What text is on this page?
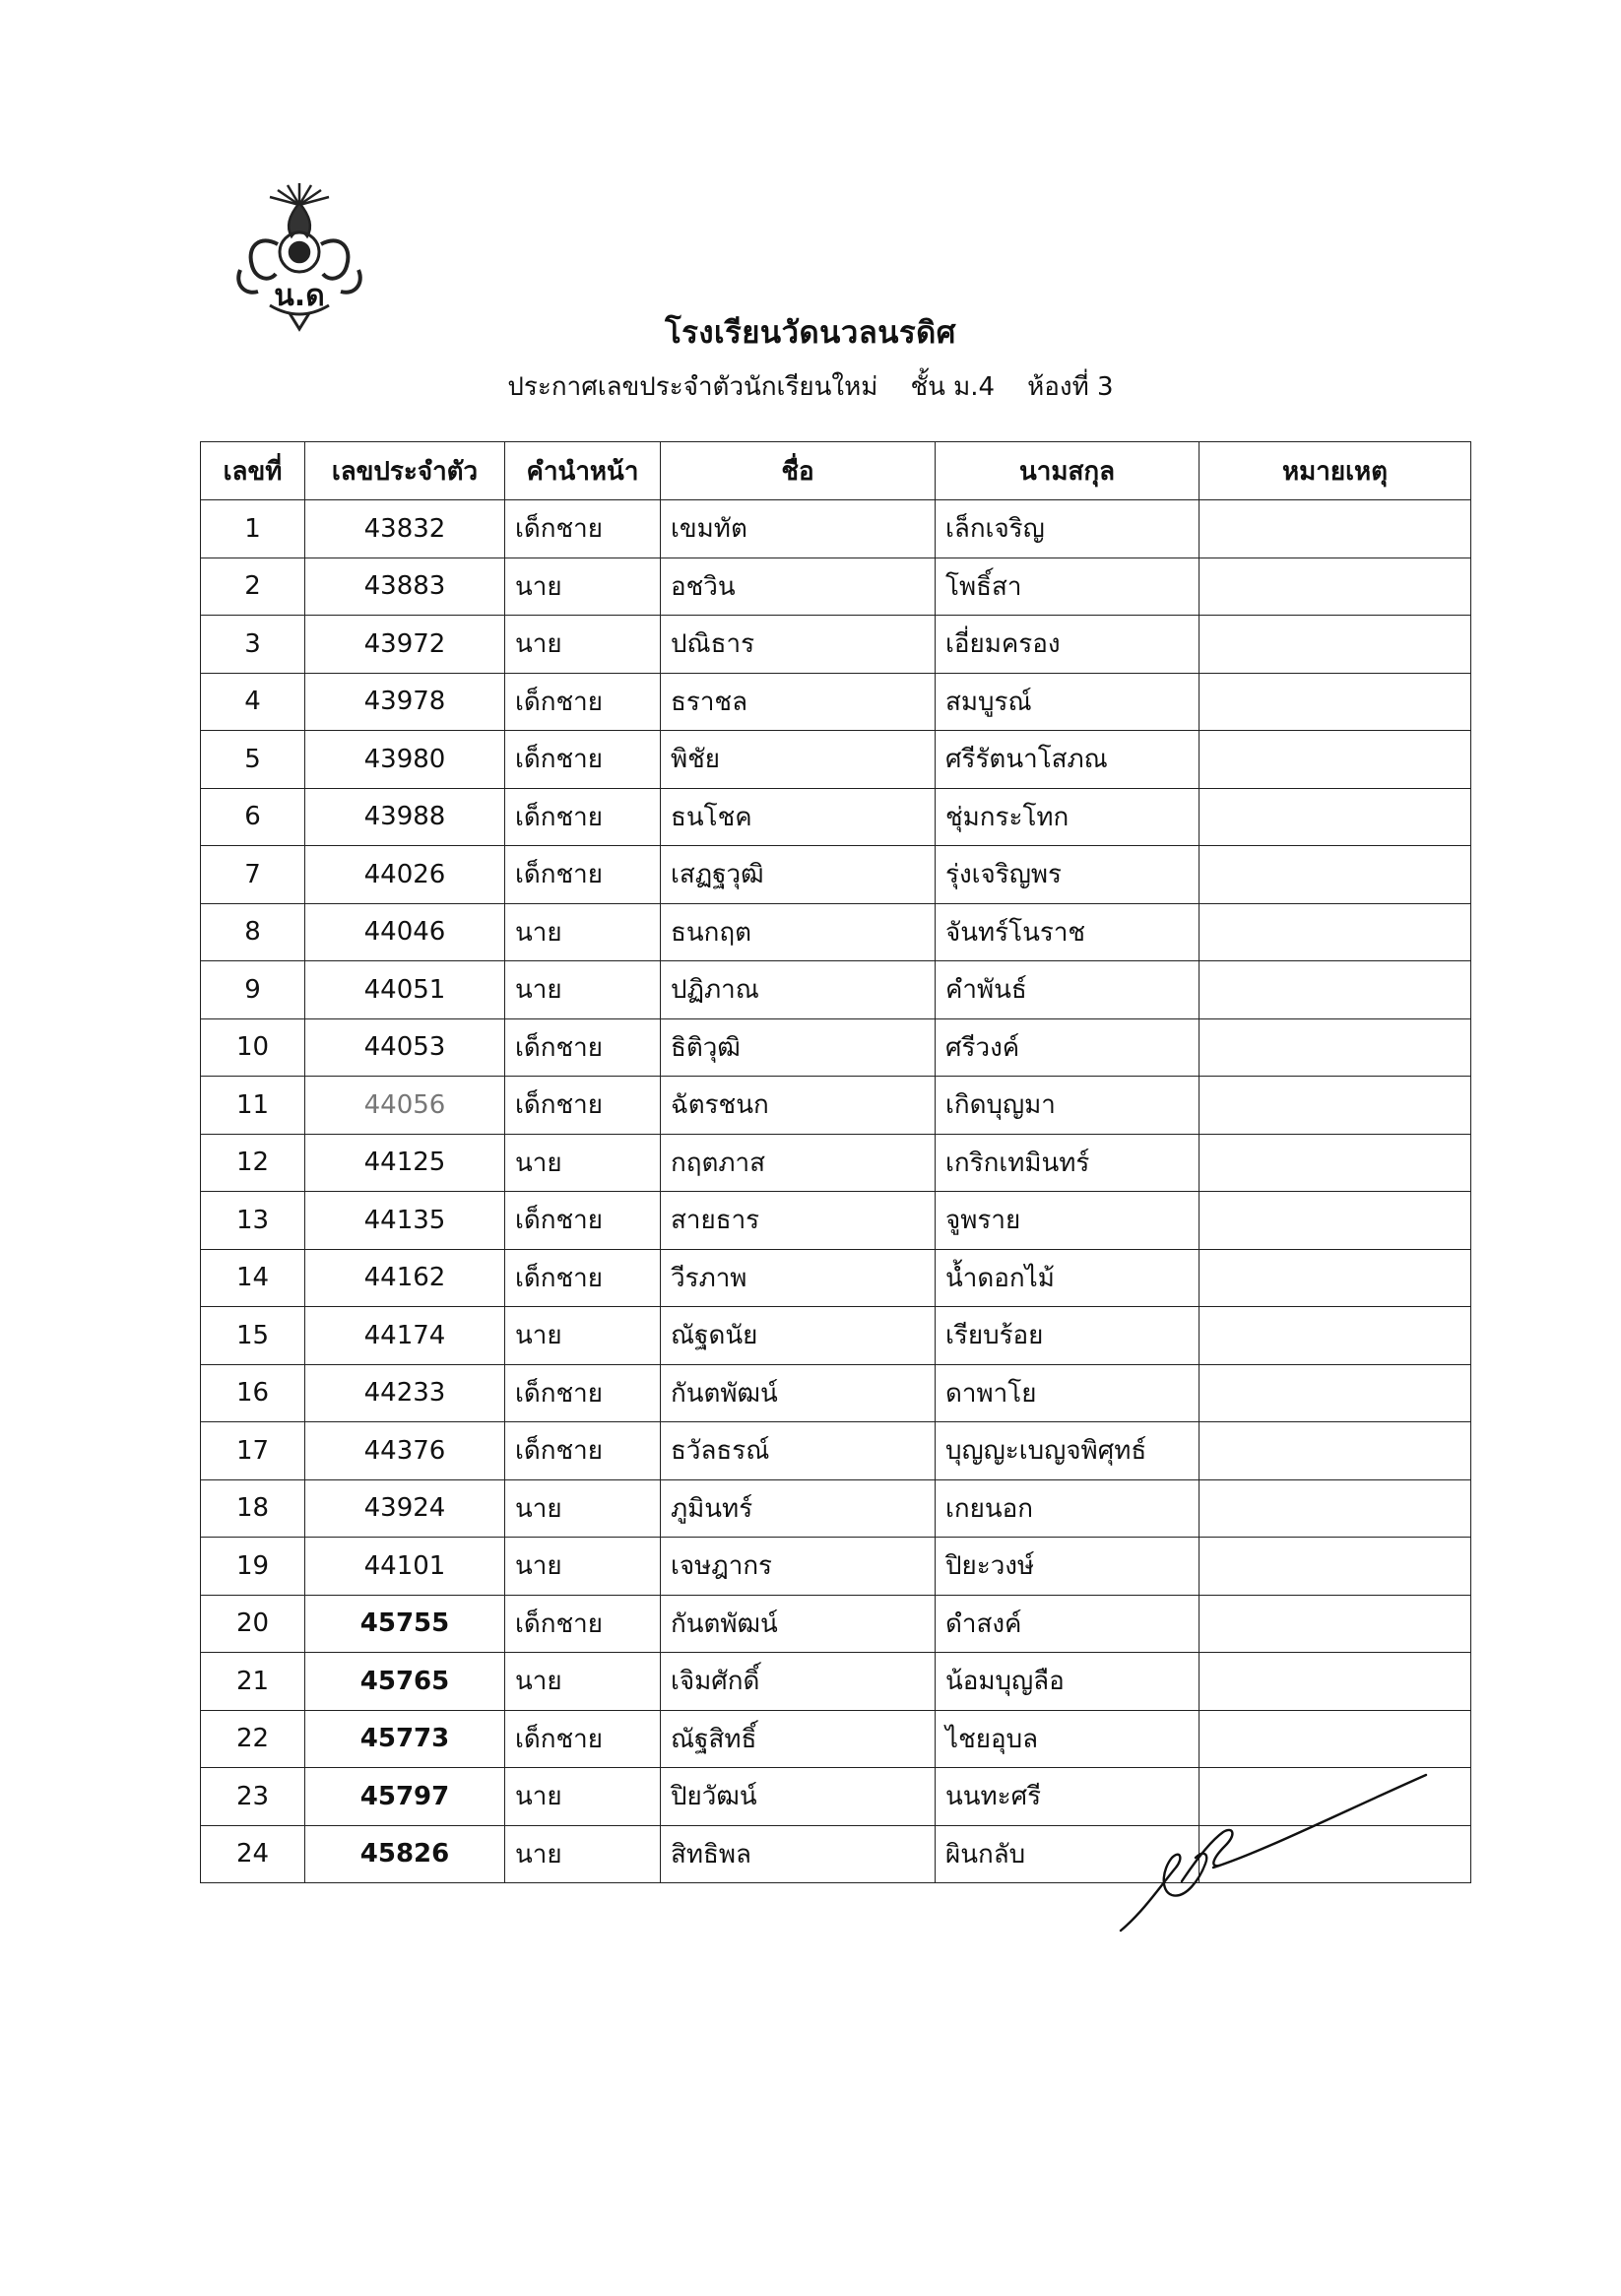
น.ด
โรงเรียนวัดนวลนรดิศ
ประกาศเลขประจำตัวนักเรียนใหม่ ชั้น ม.4 ห้องที่ 3
เลขที่	เลขประจำตัว	คำนำหน้า	ชื่อ	นามสกุล	หมายเหตุ
1	43832	เด็กชาย	เขมทัต	เล็กเจริญ	
2	43883	นาย	อชวิน	โพธิ์สา	
3	43972	นาย	ปณิธาร	เอี่ยมครอง	
4	43978	เด็กชาย	ธราชล	สมบูรณ์	
5	43980	เด็กชาย	พิชัย	ศรีรัตนาโสภณ	
6	43988	เด็กชาย	ธนโชค	ชุ่มกระโทก	
7	44026	เด็กชาย	เสฏฐวุฒิ	รุ่งเจริญพร	
8	44046	นาย	ธนกฤต	จันทร์โนราช	
9	44051	นาย	ปฏิภาณ	คำพันธ์	
10	44053	เด็กชาย	ธิติวุฒิ	ศรีวงค์	
11	44056	เด็กชาย	ฉัตรชนก	เกิดบุญมา	
12	44125	นาย	กฤตภาส	เกริกเทมินทร์	
13	44135	เด็กชาย	สายธาร	จูพราย	
14	44162	เด็กชาย	วีรภาพ	น้ำดอกไม้	
15	44174	นาย	ณัฐดนัย	เรียบร้อย	
16	44233	เด็กชาย	กันตพัฒน์	ดาพาโย	
17	44376	เด็กชาย	ธวัลธรณ์	บุญญะเบญจพิศุทธ์	
18	43924	นาย	ภูมินทร์	เกยนอก	
19	44101	นาย	เจษฎากร	ปิยะวงษ์	
20	45755	เด็กชาย	กันตพัฒน์	ดำสงค์	
21	45765	นาย	เจิมศักดิ์	น้อมบุญลือ	
22	45773	เด็กชาย	ณัฐสิทธิ์	ไชยอุบล	
23	45797	นาย	ปิยวัฒน์	นนทะศรี	
24	45826	นาย	สิทธิพล	ผินกลับ	
